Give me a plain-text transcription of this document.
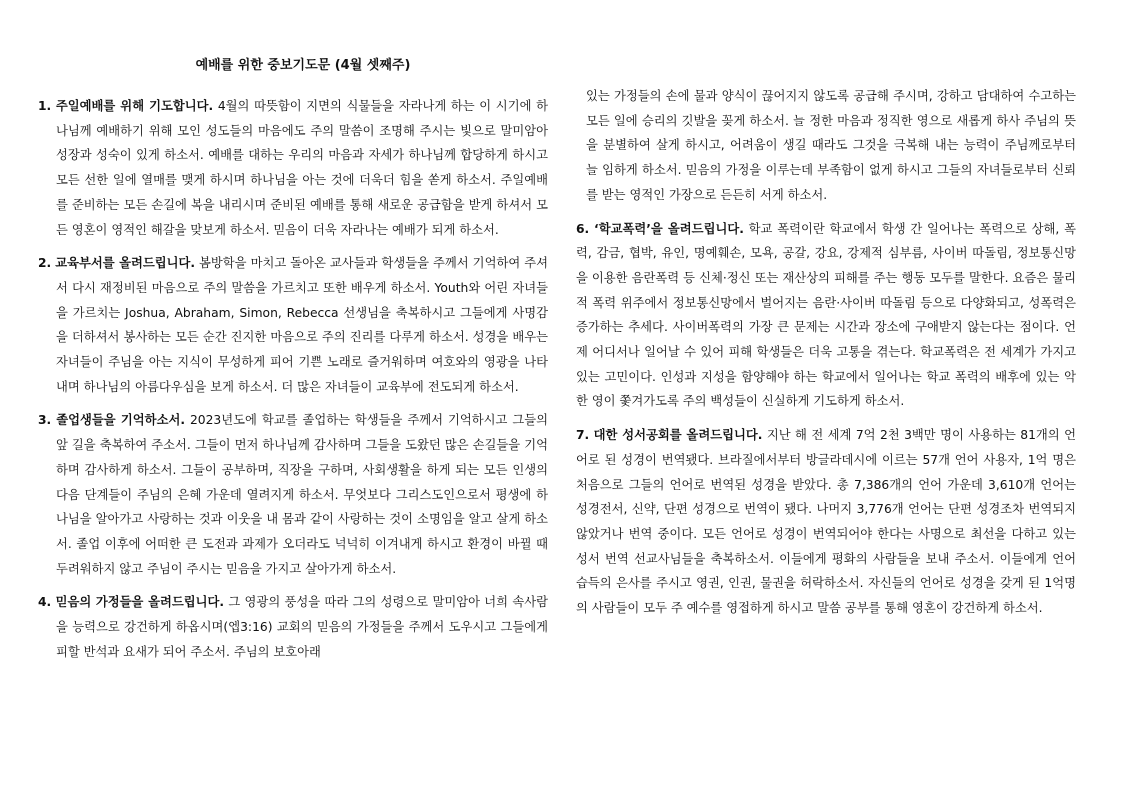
예배를 위한 중보기도문 (4월 셋째주)

1. 주일예배를 위해 기도합니다. 4월의 따뜻함이 지면의 식물들을 자라나게 하는 이 시기에 하나님께 예배하기 위해 모인 성도들의 마음에도 주의 말씀이 조명해 주시는 빛으로 말미암아 성장과 성숙이 있게 하소서. 예배를 대하는 우리의 마음과 자세가 하나님께 합당하게 하시고 모든 선한 일에 열매를 맺게 하시며 하나님을 아는 것에 더욱더 힘을 쏟게 하소서. 주일예배를 준비하는 모든 손길에 복을 내리시며 준비된 예배를 통해 새로운 공급함을 받게 하셔서 모든 영혼이 영적인 해갈을 맞보게 하소서. 믿음이 더욱 자라나는 예배가 되게 하소서.

2. 교육부서를 올려드립니다. 봄방학을 마치고 돌아온 교사들과 학생들을 주께서 기억하여 주셔서 다시 재정비된 마음으로 주의 말씀을 가르치고 또한 배우게 하소서. Youth와 어린 자녀들을 가르치는 Joshua, Abraham, Simon, Rebecca 선생님을 축복하시고 그들에게 사명감을 더하셔서 봉사하는 모든 순간 진지한 마음으로 주의 진리를 다루게 하소서. 성경을 배우는 자녀들이 주님을 아는 지식이 무성하게 피어 기쁜 노래로 즐거워하며 여호와의 영광을 나타내며 하나님의 아름다우심을 보게 하소서. 더 많은 자녀들이 교육부에 전도되게 하소서.

3. 졸업생들을 기억하소서. 2023년도에 학교를 졸업하는 학생들을 주께서 기억하시고 그들의 앞 길을 축복하여 주소서. 그들이 먼저 하나님께 감사하며 그들을 도왔던 많은 손길들을 기억하며 감사하게 하소서. 그들이 공부하며, 직장을 구하며, 사회생활을 하게 되는 모든 인생의 다음 단계들이 주님의 은혜 가운데 열려지게 하소서. 무엇보다 그리스도인으로서 평생에 하나님을 알아가고 사랑하는 것과 이웃을 내 몸과 같이 사랑하는 것이 소명임을 알고 살게 하소서. 졸업 이후에 어떠한 큰 도전과 과제가 오더라도 넉넉히 이겨내게 하시고 환경이 바뀔 때 두려워하지 않고 주님이 주시는 믿음을 가지고 살아가게 하소서.

4. 믿음의 가정들을 올려드립니다. 그 영광의 풍성을 따라 그의 성령으로 말미암아 너희 속사람을 능력으로 강건하게 하옵시며(엡3:16) 교회의 믿음의 가정들을 주께서 도우시고 그들에게 피할 반석과 요새가 되어 주소서. 주님의 보호아래

있는 가정들의 손에 물과 양식이 끊어지지 않도록 공급해 주시며, 강하고 담대하여 수고하는 모든 일에 승리의 깃발을 꽂게 하소서. 늘 정한 마음과 정직한 영으로 새롭게 하사 주님의 뜻을 분별하여 살게 하시고, 어려움이 생길 때라도 그것을 극복해 내는 능력이 주님께로부터 늘 임하게 하소서. 믿음의 가정을 이루는데 부족함이 없게 하시고 그들의 자녀들로부터 신뢰를 받는 영적인 가장으로 든든히 서게 하소서.

6. ‘학교폭력’을 올려드립니다. 학교 폭력이란 학교에서 학생 간 일어나는 폭력으로 상해, 폭력, 감금, 협박, 유인, 명예훼손, 모욕, 공갈, 강요, 강제적 심부름, 사이버 따돌림, 정보통신망을 이용한 음란폭력 등 신체·정신 또는 재산상의 피해를 주는 행동 모두를 말한다. 요즘은 물리적 폭력 위주에서 정보통신망에서 벌어지는 음란·사이버 따돌림 등으로 다양화되고, 성폭력은 증가하는 추세다. 사이버폭력의 가장 큰 문제는 시간과 장소에 구애받지 않는다는 점이다. 언제 어디서나 일어날 수 있어 피해 학생들은 더욱 고통을 겪는다. 학교폭력은 전 세계가 가지고 있는 고민이다. 인성과 지성을 함양해야 하는 학교에서 일어나는 학교 폭력의 배후에 있는 악한 영이 쫓겨가도록 주의 백성들이 신실하게 기도하게 하소서.

7. 대한 성서공회를 올려드립니다. 지난 해 전 세계 7억 2천 3백만 명이 사용하는 81개의 언어로 된 성경이 번역됐다. 브라질에서부터 방글라데시에 이르는 57개 언어 사용자, 1억 명은 처음으로 그들의 언어로 번역된 성경을 받았다. 총 7,386개의 언어 가운데 3,610개 언어는 성경전서, 신약, 단편 성경으로 번역이 됐다. 나머지 3,776개 언어는 단편 성경조차 번역되지 않았거나 번역 중이다. 모든 언어로 성경이 번역되어야 한다는 사명으로 최선을 다하고 있는 성서 번역 선교사님들을 축복하소서. 이들에게 평화의 사람들을 보내 주소서. 이들에게 언어 습득의 은사를 주시고 영권, 인권, 물권을 허락하소서. 자신들의 언어로 성경을 갖게 된 1억명의 사람들이 모두 주 예수를 영접하게 하시고 말씀 공부를 통해 영혼이 강건하게 하소서.
